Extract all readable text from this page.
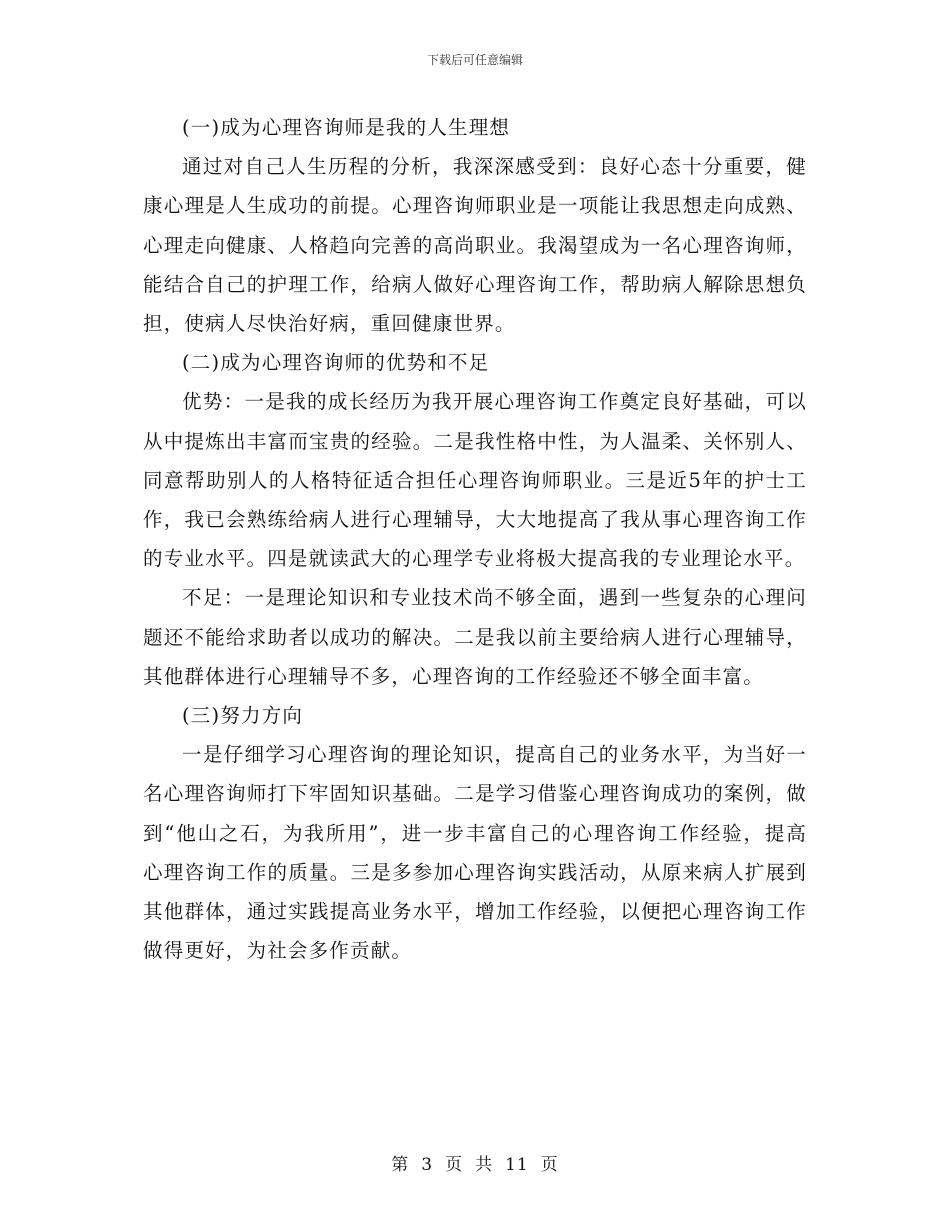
下载后可任意编辑

(一)成为心理咨询师是我的人生理想

通过对自己人生历程的分析，我深深感受到：良好心态十分重要，健康心理是人生成功的前提。心理咨询师职业是一项能让我思想走向成熟、心理走向健康、人格趋向完善的高尚职业。我渴望成为一名心理咨询师，能结合自己的护理工作，给病人做好心理咨询工作，帮助病人解除思想负担，使病人尽快治好病，重回健康世界。

(二)成为心理咨询师的优势和不足

优势：一是我的成长经历为我开展心理咨询工作奠定良好基础，可以从中提炼出丰富而宝贵的经验。二是我性格中性，为人温柔、关怀别人、同意帮助别人的人格特征适合担任心理咨询师职业。三是近5年的护士工作，我已会熟练给病人进行心理辅导，大大地提高了我从事心理咨询工作的专业水平。四是就读武大的心理学专业将极大提高我的专业理论水平。

不足：一是理论知识和专业技术尚不够全面，遇到一些复杂的心理问题还不能给求助者以成功的解决。二是我以前主要给病人进行心理辅导，其他群体进行心理辅导不多，心理咨询的工作经验还不够全面丰富。

(三)努力方向

一是仔细学习心理咨询的理论知识，提高自己的业务水平，为当好一名心理咨询师打下牢固知识基础。二是学习借鉴心理咨询成功的案例，做到“他山之石，为我所用”，进一步丰富自己的心理咨询工作经验，提高心理咨询工作的质量。三是多参加心理咨询实践活动，从原来病人扩展到其他群体，通过实践提高业务水平，增加工作经验，以便把心理咨询工作做得更好，为社会多作贡献。

第 3 页 共 11 页
